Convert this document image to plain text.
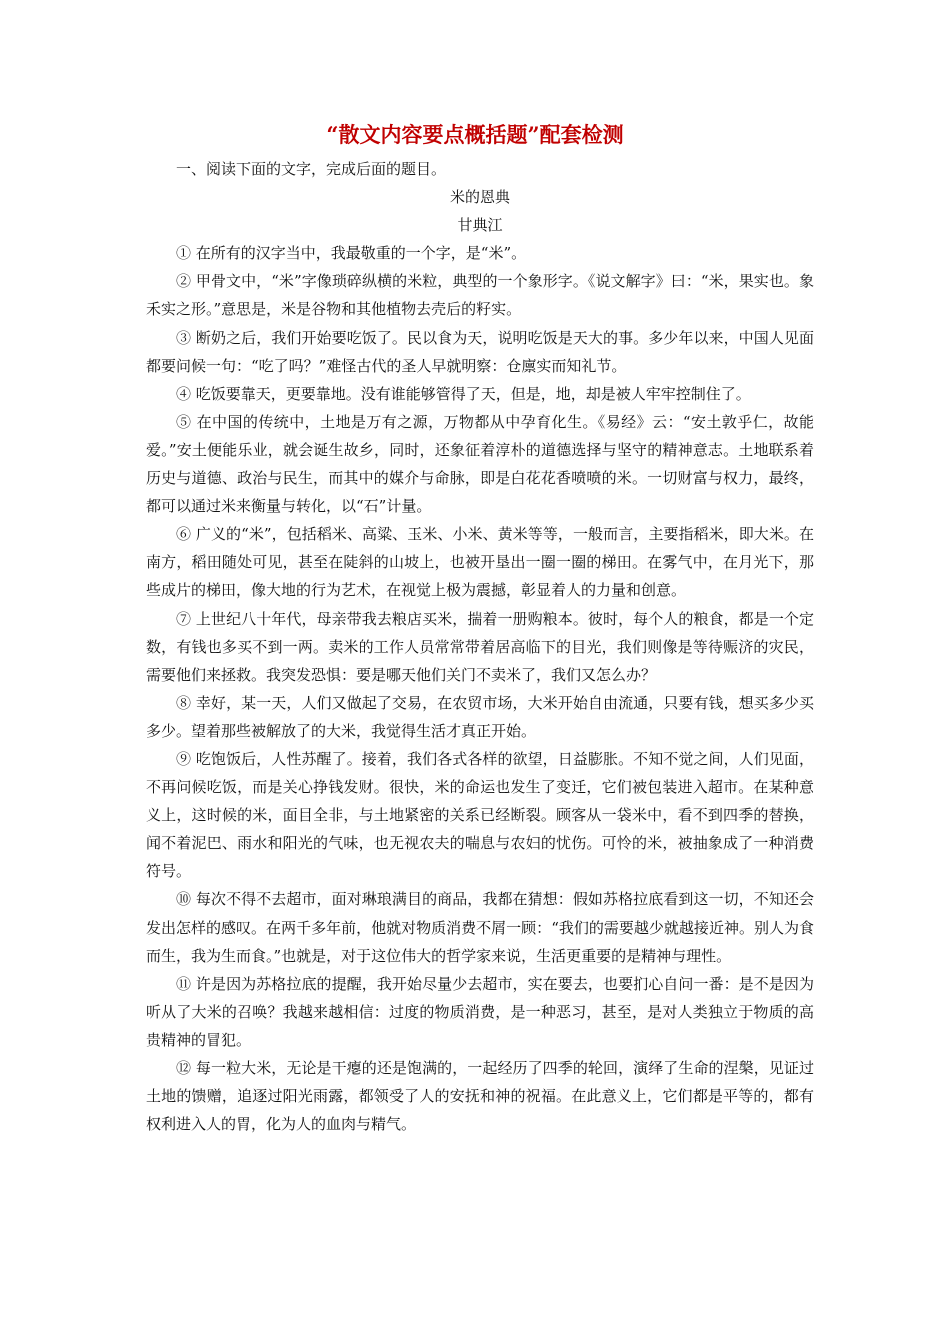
“散文内容要点概括题”配套检测

一、阅读下面的文字，完成后面的题目。

米的恩典

甘典江

① 在所有的汉字当中，我最敬重的一个字，是“米”。

② 甲骨文中，“米”字像琐碎纵横的米粒，典型的一个象形字。《说文解字》曰：“米，果实也。象禾实之形。”意思是，米是谷物和其他植物去壳后的籽实。

③ 断奶之后，我们开始要吃饭了。民以食为天，说明吃饭是天大的事。多少年以来，中国人见面都要问候一句：“吃了吗？”难怪古代的圣人早就明察：仓廪实而知礼节。

④ 吃饭要靠天，更要靠地。没有谁能够管得了天，但是，地，却是被人牢牢控制住了。

⑤ 在中国的传统中，土地是万有之源，万物都从中孕育化生。《易经》云：“安土敦乎仁，故能爱。”安土便能乐业，就会诞生故乡，同时，还象征着淳朴的道德选择与坚守的精神意志。土地联系着历史与道德、政治与民生，而其中的媒介与命脉，即是白花花香喷喷的米。一切财富与权力，最终，都可以通过米来衡量与转化，以“石”计量。

⑥ 广义的“米”，包括稻米、高粱、玉米、小米、黄米等等，一般而言，主要指稻米，即大米。在南方，稻田随处可见，甚至在陡斜的山坡上，也被开垦出一圈一圈的梯田。在雾气中，在月光下，那些成片的梯田，像大地的行为艺术，在视觉上极为震撼，彰显着人的力量和创意。

⑦ 上世纪八十年代，母亲带我去粮店买米，揣着一册购粮本。彼时，每个人的粮食，都是一个定数，有钱也多买不到一两。卖米的工作人员常常带着居高临下的目光，我们则像是等待赈济的灾民，需要他们来拯救。我突发恐惧：要是哪天他们关门不卖米了，我们又怎么办？

⑧ 幸好，某一天，人们又做起了交易，在农贸市场，大米开始自由流通，只要有钱，想买多少买多少。望着那些被解放了的大米，我觉得生活才真正开始。

⑨ 吃饱饭后，人性苏醒了。接着，我们各式各样的欲望，日益膨胀。不知不觉之间，人们见面，不再问候吃饭，而是关心挣钱发财。很快，米的命运也发生了变迁，它们被包装进入超市。在某种意义上，这时候的米，面目全非，与土地紧密的关系已经断裂。顾客从一袋米中，看不到四季的替换，闻不着泥巴、雨水和阳光的气味，也无视农夫的喘息与农妇的忧伤。可怜的米，被抽象成了一种消费符号。

⑩ 每次不得不去超市，面对琳琅满目的商品，我都在猜想：假如苏格拉底看到这一切，不知还会发出怎样的感叹。在两千多年前，他就对物质消费不屑一顾：“我们的需要越少就越接近神。别人为食而生，我为生而食。”也就是，对于这位伟大的哲学家来说，生活更重要的是精神与理性。

⑪ 许是因为苏格拉底的提醒，我开始尽量少去超市，实在要去，也要扪心自问一番：是不是因为听从了大米的召唤？我越来越相信：过度的物质消费，是一种恶习，甚至，是对人类独立于物质的高贵精神的冒犯。

⑫ 每一粒大米，无论是干瘪的还是饱满的，一起经历了四季的轮回，演绎了生命的涅槃，见证过土地的馈赠，追逐过阳光雨露，都领受了人的安抚和神的祝福。在此意义上，它们都是平等的，都有权利进入人的胃，化为人的血肉与精气。
